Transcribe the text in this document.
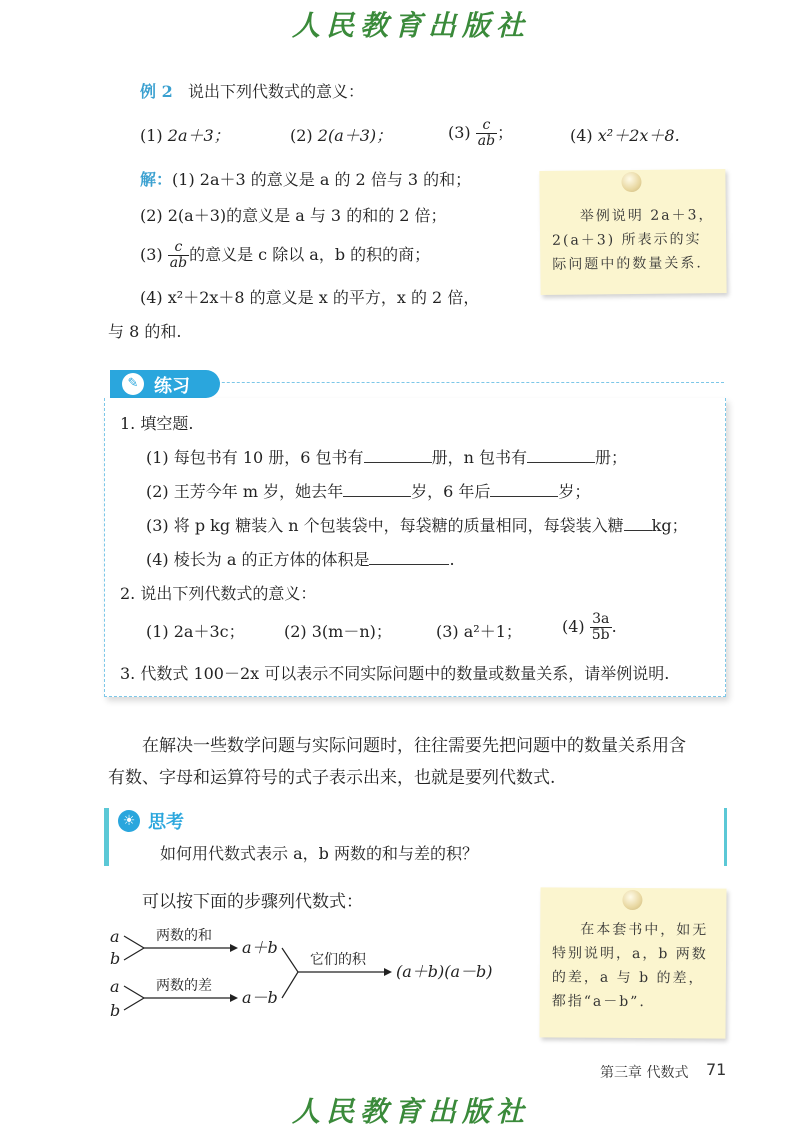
人民教育出版社
例 2 说出下列代数式的意义：
(1) 2a＋3；	(2) 2(a＋3)；	$(3) \frac{c}{ab}$ ；	(4) x²＋2x＋8.
解：(1) 2a＋3 的意义是 a 的 2 倍与 3 的和；
(2) 2(a＋3)的意义是 a 与 3 的和的 2 倍；
$(3) \frac{c}{ab}$ 的意义是 c 除以 a，b 的积的商；
(4) x²＋2x＋8 的意义是 x 的平方，x 的 2 倍，
与 8 的和.
举例说明 2a＋3，2(a＋3) 所表示的实际问题中的数量关系.
✎ 练习
1. 填空题.
(1) 每包书有 10 册，6 包书有	册，n 包书有	册；
(2) 王芳今年 m 岁，她去年	岁，6 年后	岁；
(3) 将 p kg 糖装入 n 个包装袋中，每袋糖的质量相同，每袋装入糖 kg；
(4) 棱长为 a 的正方体的体积是	.
2. 说出下列代数式的意义：
(1) 2a＋3c； (2) 3(m－n)；	(3) a²＋1；	$(4) \frac{3a}{5b}$ .
3. 代数式 100－2x 可以表示不同实际问题中的数量或数量关系，请举例说明.
在解决一些数学问题与实际问题时，往往需要先把问题中的数量关系用含
有数、字母和运算符号的式子表示出来，也就是要列代数式.
☀ 思考
如何用代数式表示 a，b 两数的和与差的积？
可以按下面的步骤列代数式：
a
b
两数的和
a＋b
a
b
两数的差
a－b
它们的积
(a＋b)(a－b)
在本套书中，如无特别说明，a，b 两数的差，a 与 b 的差，都指“a－b”.
第三章 代数式 71
人民教育出版社
